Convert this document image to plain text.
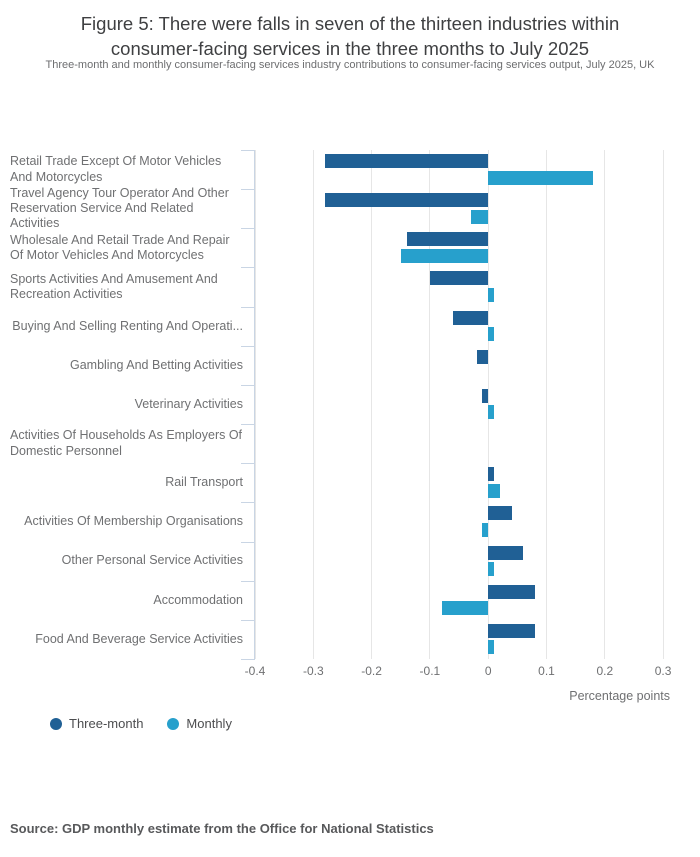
Figure 5: There were falls in seven of the thirteen industries within consumer-facing services in the three months to July 2025
Three-month and monthly consumer-facing services industry contributions to consumer-facing services output, July 2025, UK
-0.4	-0.3	-0.2	-0.1	0	0.1	0.2	0.3
Retail Trade Except Of Motor Vehicles And Motorcycles
Travel Agency Tour Operator And Other Reservation Service And Related Activities
Wholesale And Retail Trade And Repair Of Motor Vehicles And Motorcycles
Sports Activities And Amusement And Recreation Activities
Buying And Selling Renting And Operati...
Gambling And Betting Activities
Veterinary Activities
Activities Of Households As Employers Of Domestic Personnel
Rail Transport
Activities Of Membership Organisations
Other Personal Service Activities
Accommodation
Food And Beverage Service Activities
Percentage points
Three-month	Monthly
Source: GDP monthly estimate from the Office for National Statistics
